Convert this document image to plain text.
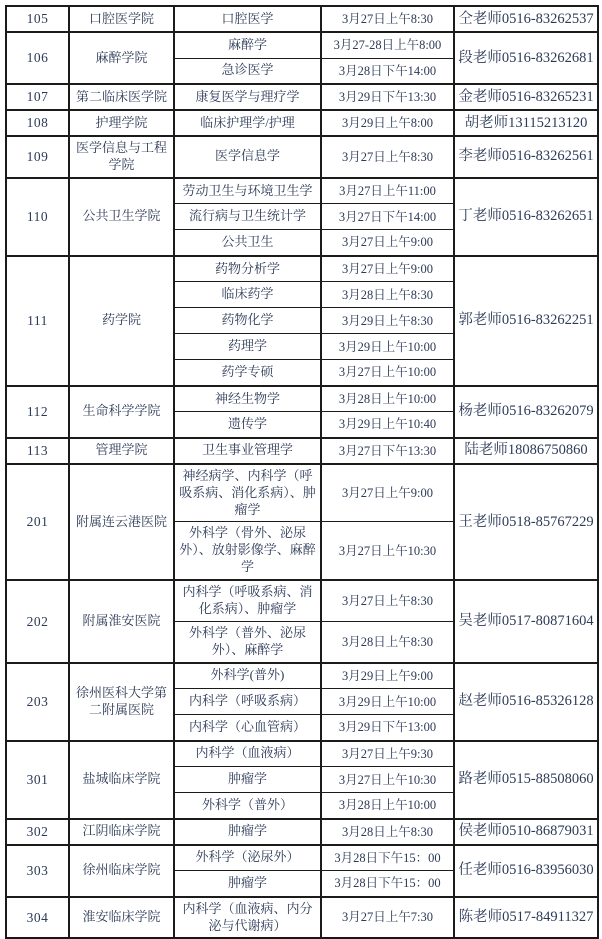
105	口腔医学院	口腔医学	3月27日上午8:30	仝老师0516-83262537
106	麻醉学院	麻醉学	3月27-28日上午8:00	段老师0516-83262681
		急诊医学	3月28日下午14:00	
107	第二临床医学院	康复医学与理疗学	3月29日下午13:30	金老师0516-83265231
108	护理学院	临床护理学/护理	3月29日上午8:00	胡老师13115213120
109	医学信息与工程学院	医学信息学	3月27日上午8:30	李老师0516-83262561
110	公共卫生学院	劳动卫生与环境卫生学	3月27日上午11:00	丁老师0516-83262651
		流行病与卫生统计学	3月27日下午14:00	
		公共卫生	3月27日上午9:00	
111	药学院	药物分析学	3月27日上午9:00	郭老师0516-83262251
		临床药学	3月28日上午8:30	
		药物化学	3月29日上午8:30	
		药理学	3月29日上午10:00	
		药学专硕	3月27日上午10:00	
112	生命科学学院	神经生物学	3月28日上午10:00	杨老师0516-83262079
		遗传学	3月29日上午10:40	
113	管理学院	卫生事业管理学	3月27日下午13:30	陆老师18086750860
201	附属连云港医院	神经病学、内科学（呼吸系病、消化系病）、肿瘤学	3月27日上午9:00	王老师0518-85767229
		外科学（骨外、泌尿外）、放射影像学、麻醉学	3月27日上午10:30	
202	附属淮安医院	内科学（呼吸系病、消化系病）、肿瘤学	3月27日上午8:30	吴老师0517-80871604
		外科学（普外、泌尿外）、麻醉学	3月28日上午8:30	
203	徐州医科大学第二附属医院	外科学(普外)	3月29日上午9:00	赵老师0516-85326128
		内科学（呼吸系病）	3月29日上午10:00	
		内科学（心血管病）	3月29日下午13:00	
301	盐城临床学院	内科学（血液病）	3月27日上午9:30	路老师0515-88508060
		肿瘤学	3月27日上午10:30	
		外科学（普外）	3月28日上午10:00	
302	江阴临床学院	肿瘤学	3月28日上午8:30	侯老师0510-86879031
303	徐州临床学院	外科学（泌尿外）	3月28日下午15：00	任老师0516-83956030
		肿瘤学	3月28日下午15：00	
304	淮安临床学院	内科学（血液病、内分泌与代谢病）	3月27日上午7:30	陈老师0517-84911327
